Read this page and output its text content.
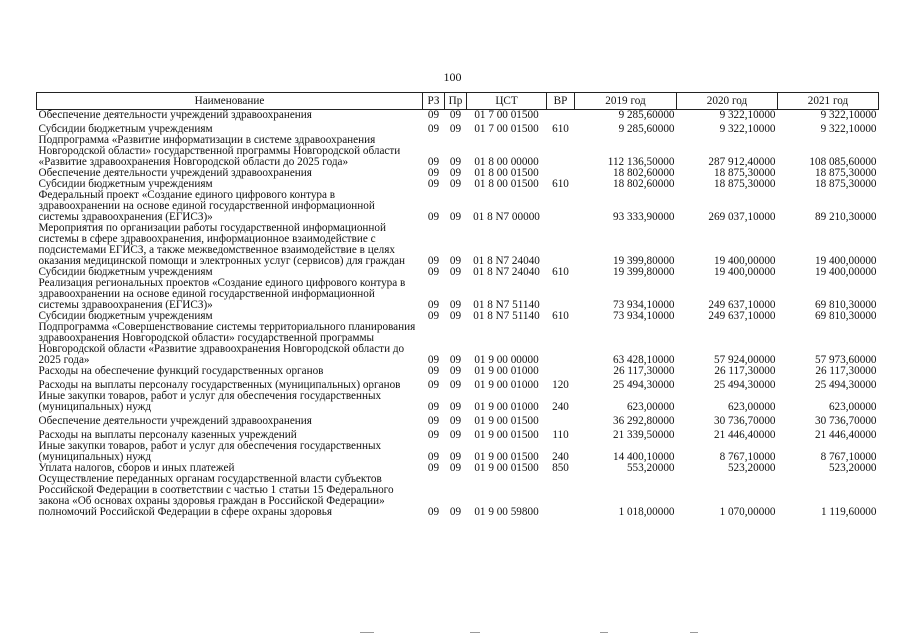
100
Наименование	РЗ	Пр	ЦСТ	ВР	2019 год	2020 год	2021 год
Обеспечение деятельности учреждений здравоохранения	09	09	01 7 00 01500		9 285,60000	9 322,10000	9 322,10000
Субсидии бюджетным учреждениям	09	09	01 7 00 01500	610	9 285,60000	9 322,10000	9 322,10000
Подпрограмма «Развитие информатизации в системе здравоохранения Новгородской области» государственной программы Новгородской области «Развитие здравоохранения Новгородской области до 2025 года»	09	09	01 8 00 00000		112 136,50000	287 912,40000	108 085,60000
Обеспечение деятельности учреждений здравоохранения	09	09	01 8 00 01500		18 802,60000	18 875,30000	18 875,30000
Субсидии бюджетным учреждениям	09	09	01 8 00 01500	610	18 802,60000	18 875,30000	18 875,30000
Федеральный проект «Создание единого цифрового контура в здравоохранении на основе единой государственной информационной системы здравоохранения (ЕГИСЗ)»	09	09	01 8 N7 00000		93 333,90000	269 037,10000	89 210,30000
Мероприятия по организации работы государственной информационной системы в сфере здравоохранения, информационное взаимодействие с подсистемами ЕГИСЗ, а также межведомственное взаимодействие в целях оказания медицинской помощи и электронных услуг (сервисов) для граждан	09	09	01 8 N7 24040		19 399,80000	19 400,00000	19 400,00000
Субсидии бюджетным учреждениям	09	09	01 8 N7 24040	610	19 399,80000	19 400,00000	19 400,00000
Реализация региональных проектов «Создание единого цифрового контура в здравоохранении на основе единой государственной информационной системы здравоохранения (ЕГИСЗ)»	09	09	01 8 N7 51140		73 934,10000	249 637,10000	69 810,30000
Субсидии бюджетным учреждениям	09	09	01 8 N7 51140	610	73 934,10000	249 637,10000	69 810,30000
Подпрограмма «Совершенствование системы территориального планирования здравоохранения Новгородской области» государственной программы Новгородской области «Развитие здравоохранения Новгородской области до 2025 года»	09	09	01 9 00 00000		63 428,10000	57 924,00000	57 973,60000
Расходы на обеспечение функций государственных органов	09	09	01 9 00 01000		26 117,30000	26 117,30000	26 117,30000
Расходы на выплаты персоналу государственных (муниципальных) органов	09	09	01 9 00 01000	120	25 494,30000	25 494,30000	25 494,30000
Иные закупки товаров, работ и услуг для обеспечения государственных (муниципальных) нужд	09	09	01 9 00 01000	240	623,00000	623,00000	623,00000
Обеспечение деятельности учреждений здравоохранения	09	09	01 9 00 01500		36 292,80000	30 736,70000	30 736,70000
Расходы на выплаты персоналу казенных учреждений	09	09	01 9 00 01500	110	21 339,50000	21 446,40000	21 446,40000
Иные закупки товаров, работ и услуг для обеспечения государственных (муниципальных) нужд	09	09	01 9 00 01500	240	14 400,10000	8 767,10000	8 767,10000
Уплата налогов, сборов и иных платежей	09	09	01 9 00 01500	850	553,20000	523,20000	523,20000
Осуществление переданных органам государственной власти субъектов Российской Федерации в соответствии с частью 1 статьи 15 Федерального закона «Об основах охраны здоровья граждан в Российской Федерации» полномочий Российской Федерации в сфере охраны здоровья	09	09	01 9 00 59800		1 018,00000	1 070,00000	1 119,60000
